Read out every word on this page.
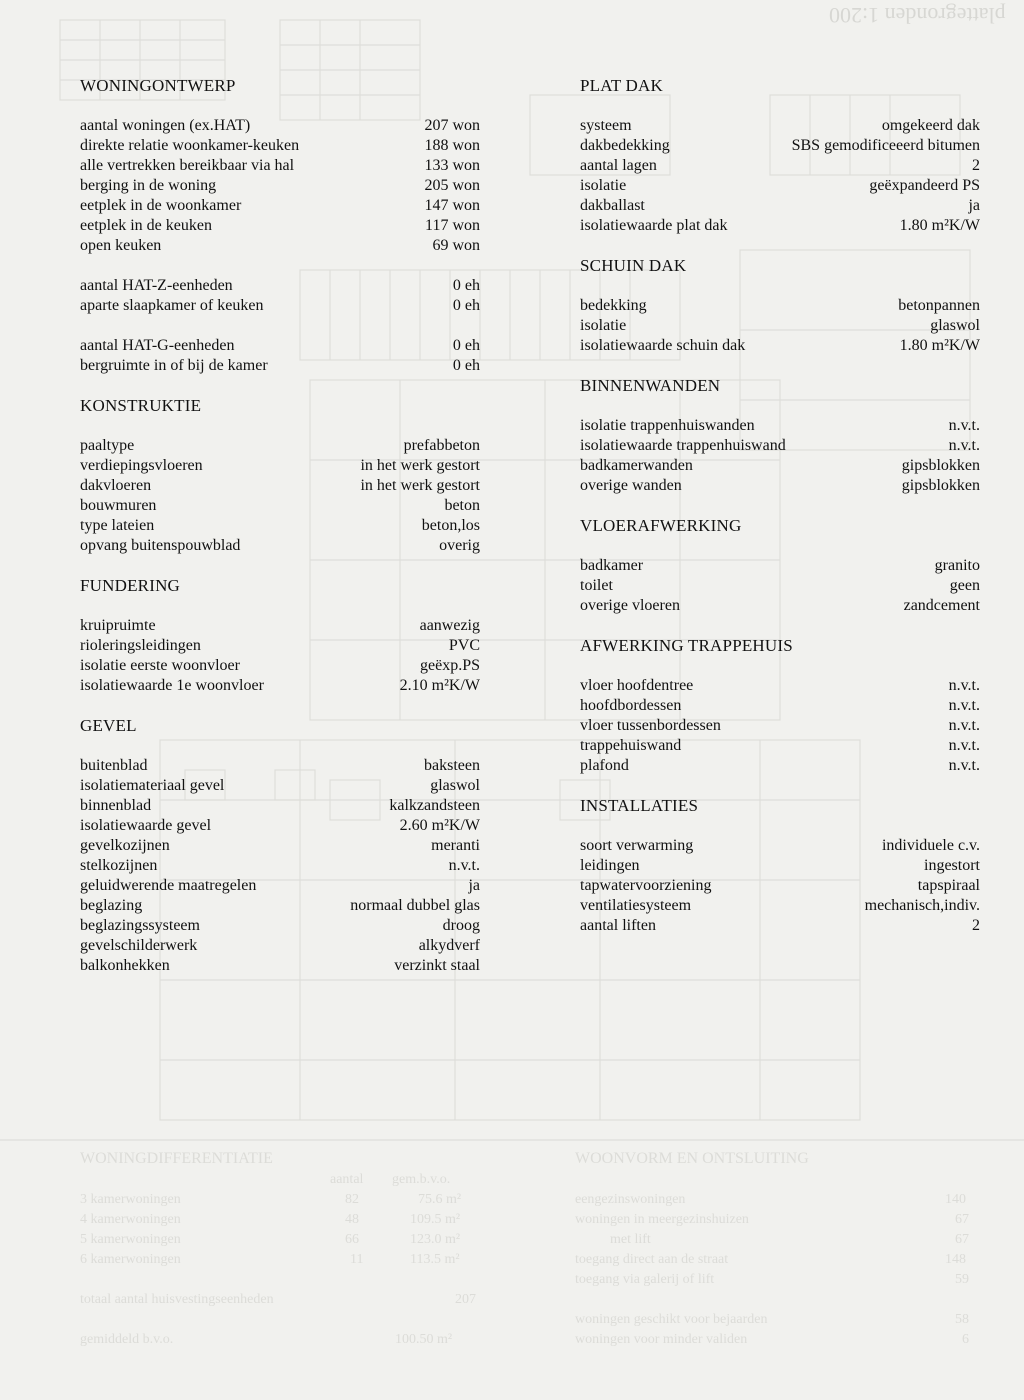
plattegronden 1:200
WONINGDIFFERENTIATIE
aantal gem.b.v.o.
3 kamerwoningen	82	75.6 m²
4 kamerwoningen	48	109.5 m²
5 kamerwoningen	66	123.0 m²
6 kamerwoningen	11	113.5 m²
totaal aantal huisvestingseenheden	207
gemiddeld b.v.o.	100.50 m²
WOONVORM EN ONTSLUITING
eengezinswoningen	140
woningen in meergezinshuizen	67
met lift	67
toegang direct aan de straat	148
toegang via galerij of lift	59
woningen geschikt voor bejaarden	58
woningen voor minder validen	6
WONINGONTWERP
aantal woningen (ex.HAT)	207 won
direkte relatie woonkamer-keuken	188 won
alle vertrekken bereikbaar via hal	133 won
berging in de woning	205 won
eetplek in de woonkamer	147 won
eetplek in de keuken	117 won
open keuken	69 won
aantal HAT-Z-eenheden	0 eh
aparte slaapkamer of keuken	0 eh
aantal HAT-G-eenheden	0 eh
bergruimte in of bij de kamer	0 eh
KONSTRUKTIE
paaltype	prefabbeton
verdiepingsvloeren	in het werk gestort
dakvloeren	in het werk gestort
bouwmuren	beton
type lateien	beton,los
opvang buitenspouwblad	overig
FUNDERING
kruipruimte	aanwezig
rioleringsleidingen	PVC
isolatie eerste woonvloer	geëxp.PS
isolatiewaarde 1e woonvloer	2.10 m²K/W
GEVEL
buitenblad	baksteen
isolatiemateriaal gevel	glaswol
binnenblad	kalkzandsteen
isolatiewaarde gevel	2.60 m²K/W
gevelkozijnen	meranti
stelkozijnen	n.v.t.
geluidwerende maatregelen	ja
beglazing	normaal dubbel glas
beglazingssysteem	droog
gevelschilderwerk	alkydverf
balkonhekken	verzinkt staal
PLAT DAK
systeem	omgekeerd dak
dakbedekking	SBS gemodificeeerd bitumen
aantal lagen	2
isolatie	geëxpandeerd PS
dakballast	ja
isolatiewaarde plat dak	1.80 m²K/W
SCHUIN DAK
bedekking	betonpannen
isolatie	glaswol
isolatiewaarde schuin dak	1.80 m²K/W
BINNENWANDEN
isolatie trappenhuiswanden	n.v.t.
isolatiewaarde trappenhuiswand	n.v.t.
badkamerwanden	gipsblokken
overige wanden	gipsblokken
VLOERAFWERKING
badkamer	granito
toilet	geen
overige vloeren	zandcement
AFWERKING TRAPPEHUIS
vloer hoofdentree	n.v.t.
hoofdbordessen	n.v.t.
vloer tussenbordessen	n.v.t.
trappehuiswand	n.v.t.
plafond	n.v.t.
INSTALLATIES
soort verwarming	individuele c.v.
leidingen	ingestort
tapwatervoorziening	tapspiraal
ventilatiesysteem	mechanisch,indiv.
aantal liften	2
